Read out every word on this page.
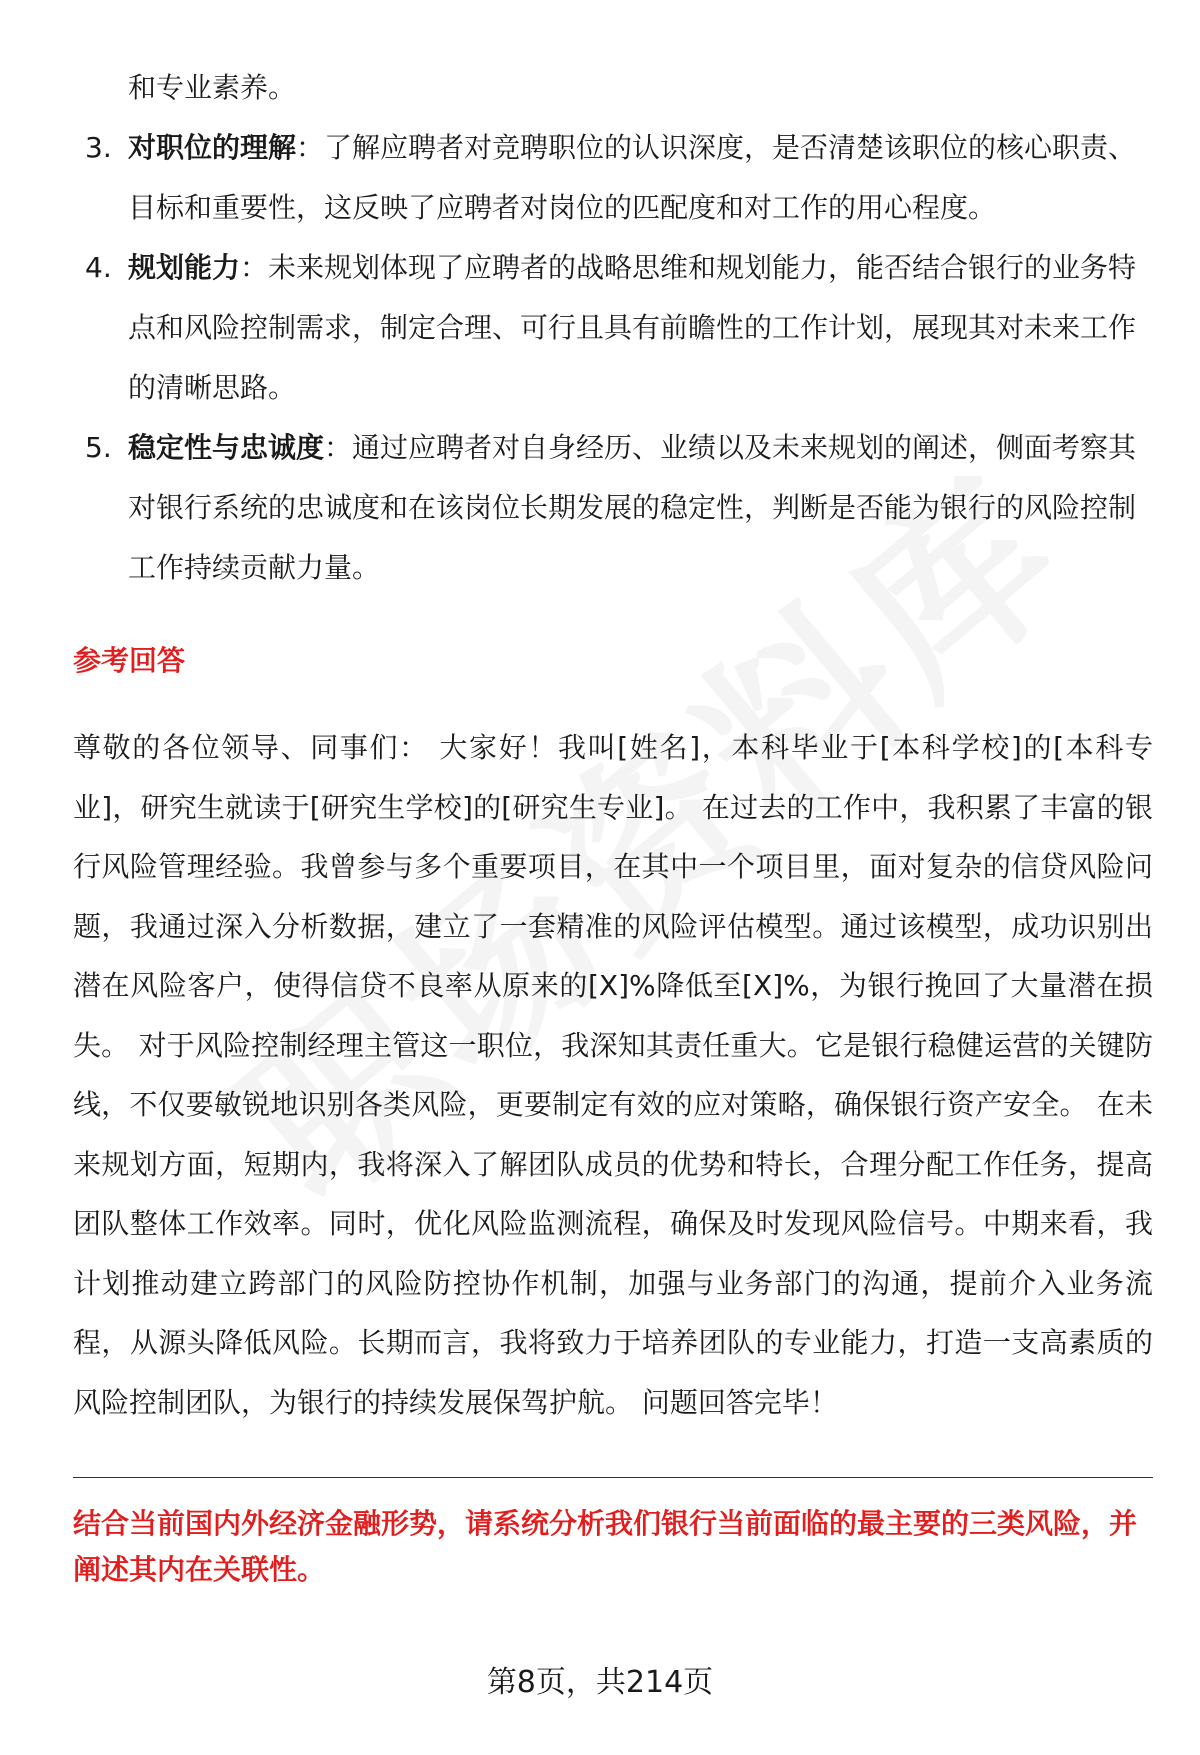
和专业素养。

3. 对职位的理解：了解应聘者对竞聘职位的认识深度，是否清楚该职位的核心职责、目标和重要性，这反映了应聘者对岗位的匹配度和对工作的用心程度。
4. 规划能力：未来规划体现了应聘者的战略思维和规划能力，能否结合银行的业务特点和风险控制需求，制定合理、可行且具有前瞻性的工作计划，展现其对未来工作的清晰思路。
5. 稳定性与忠诚度：通过应聘者对自身经历、业绩以及未来规划的阐述，侧面考察其对银行系统的忠诚度和在该岗位长期发展的稳定性，判断是否能为银行的风险控制工作持续贡献力量。
参考回答

尊敬的各位领导、同事们： 大家好！我叫[姓名]，本科毕业于[本科学校]的[本科专业]，研究生就读于[研究生学校]的[研究生专业]。 在过去的工作中，我积累了丰富的银行风险管理经验。我曾参与多个重要项目，在其中一个项目里，面对复杂的信贷风险问题，我通过深入分析数据，建立了一套精准的风险评估模型。通过该模型，成功识别出潜在风险客户，使得信贷不良率从原来的[X]%降低至[X]%，为银行挽回了大量潜在损失。 对于风险控制经理主管这一职位，我深知其责任重大。它是银行稳健运营的关键防线，不仅要敏锐地识别各类风险，更要制定有效的应对策略，确保银行资产安全。 在未来规划方面，短期内，我将深入了解团队成员的优势和特长，合理分配工作任务，提高团队整体工作效率。同时，优化风险监测流程，确保及时发现风险信号。中期来看，我计划推动建立跨部门的风险防控协作机制，加强与业务部门的沟通，提前介入业务流程，从源头降低风险。长期而言，我将致力于培养团队的专业能力，打造一支高素质的风险控制团队，为银行的持续发展保驾护航。 问题回答完毕！

结合当前国内外经济金融形势，请系统分析我们银行当前面临的最主要的三类风险，并阐述其内在关联性。

第8页，共214页
